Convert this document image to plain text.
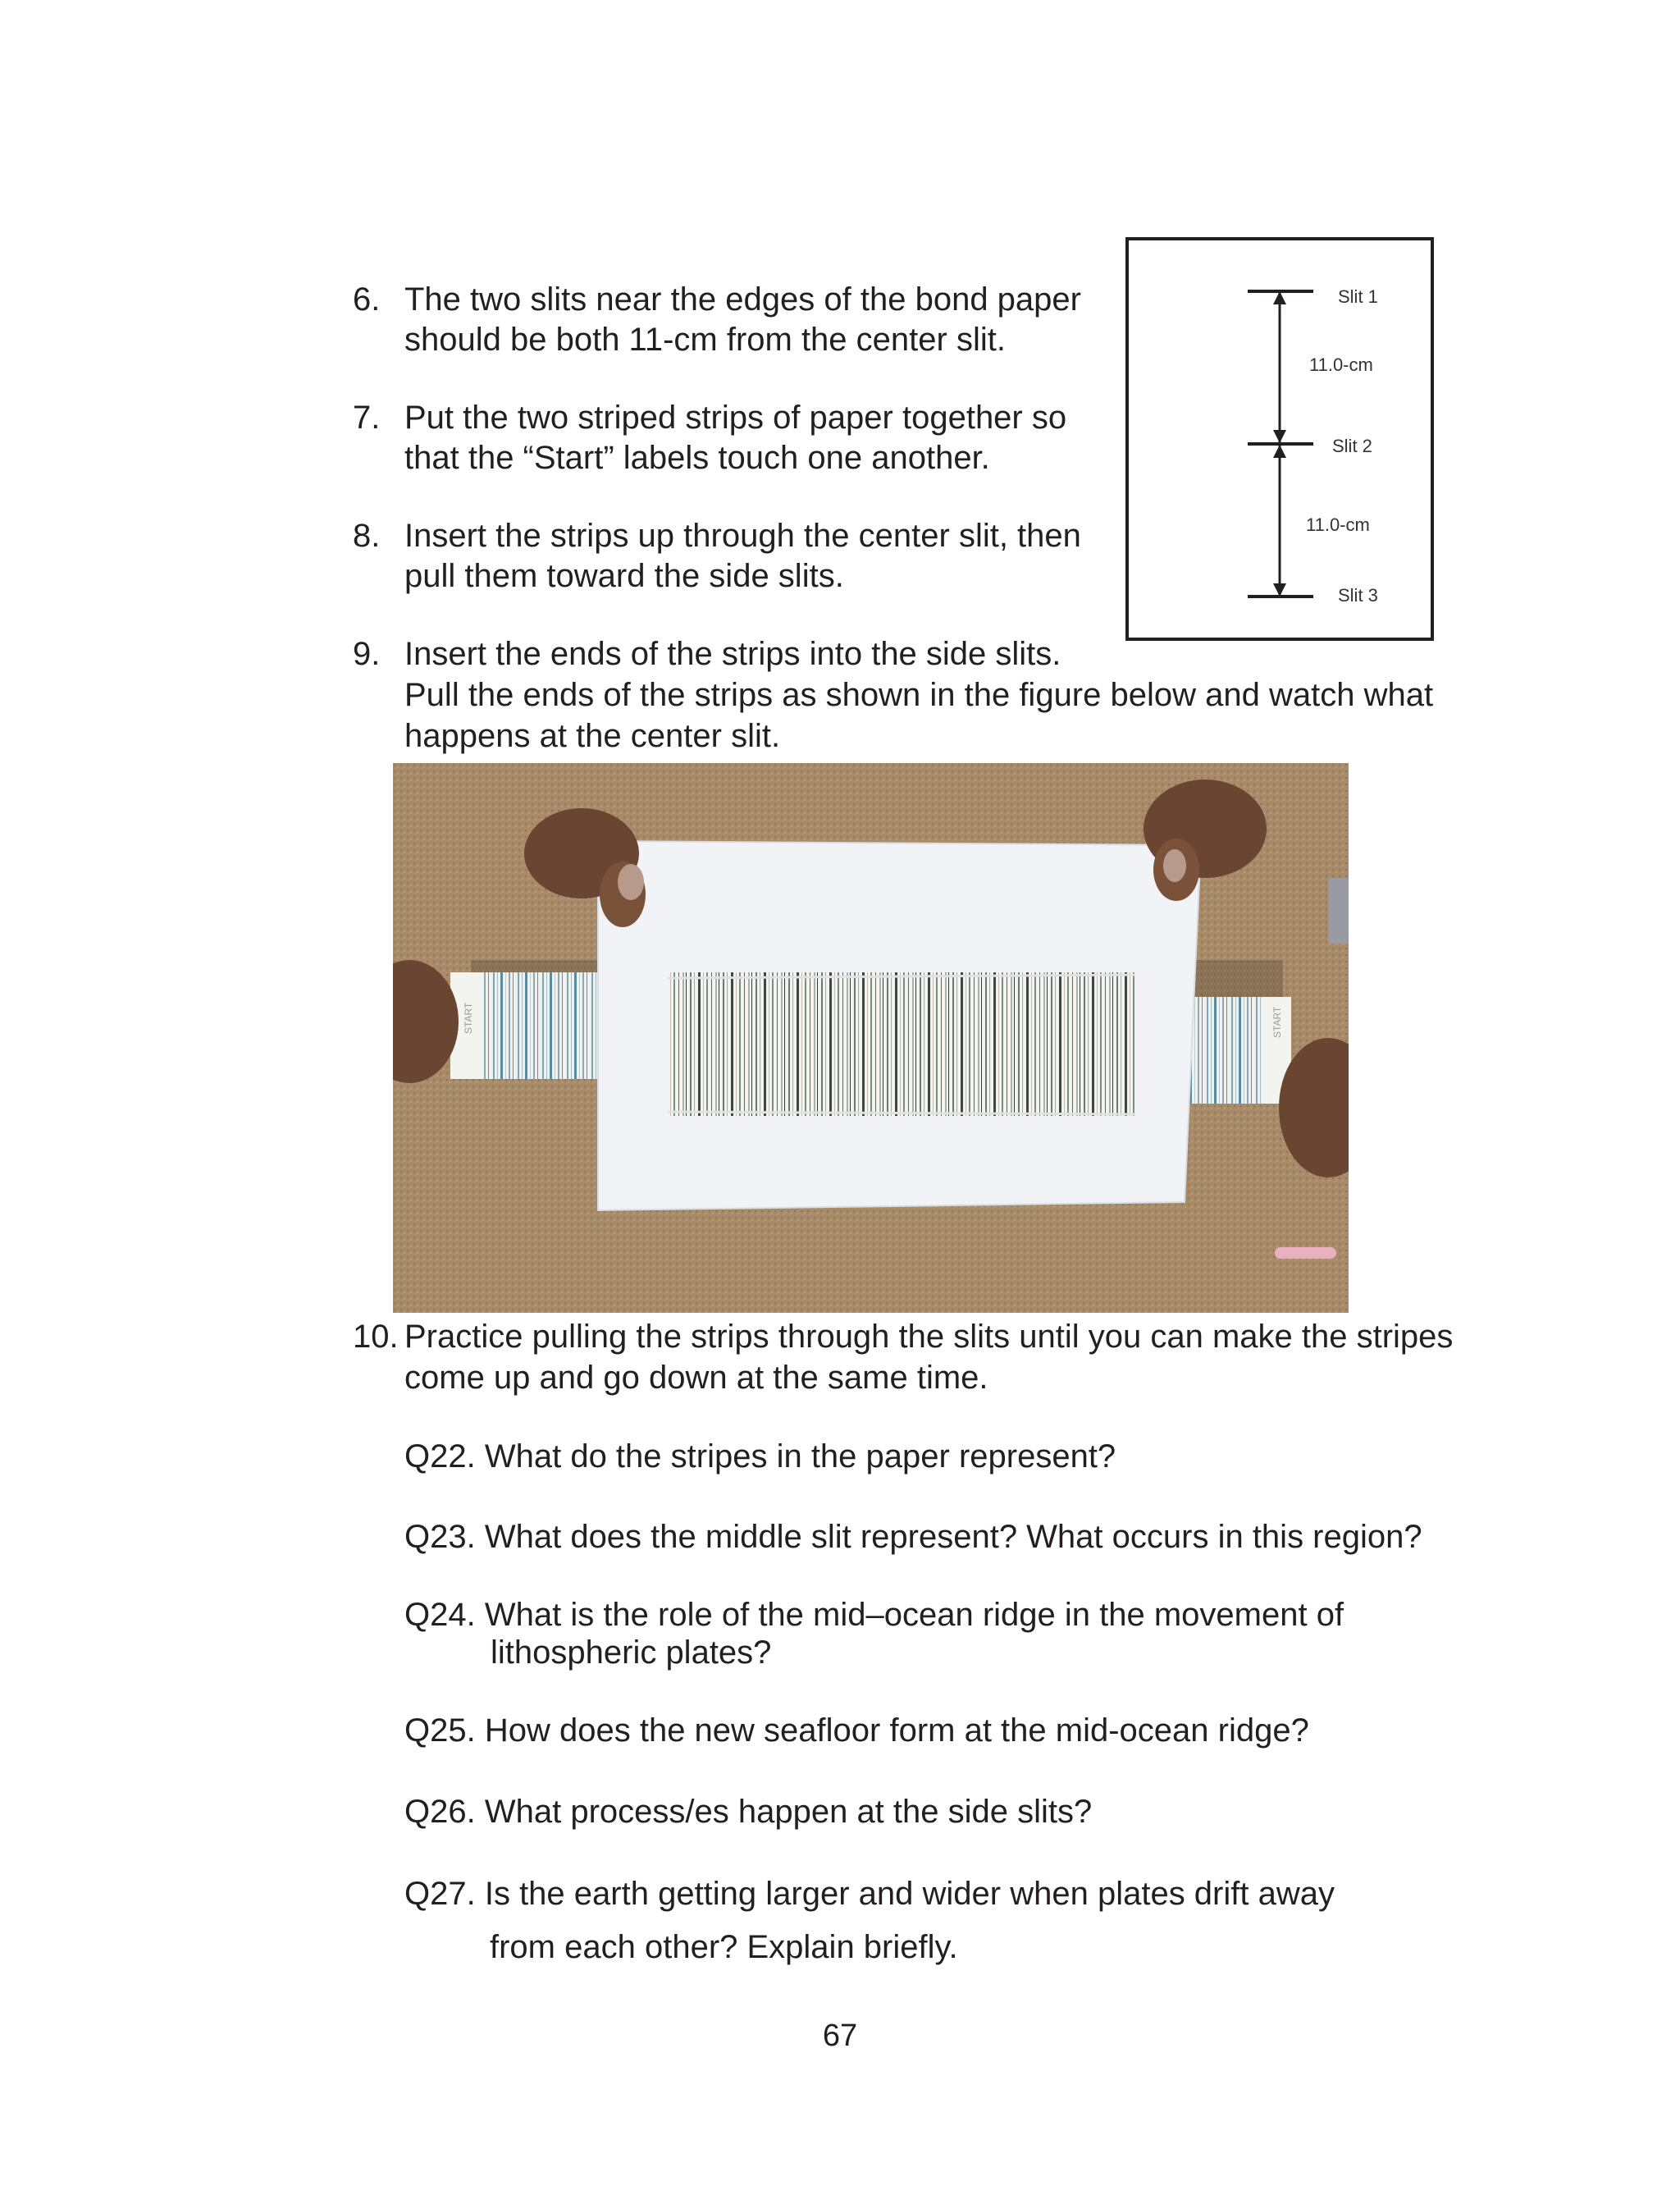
6. The two slits near the edges of the bond paper
should be both 11-cm from the center slit.
7. Put the two striped strips of paper together so
that the “Start” labels touch one another.
8. Insert the strips up through the center slit, then
pull them toward the side slits.
9. Insert the ends of the strips into the side slits.
Pull the ends of the strips as shown in the figure below and watch what
happens at the center slit.
Slit 1
11.0-cm
Slit 2
11.0-cm
Slit 3
START	START
10. Practice pulling the strips through the slits until you can make the stripes
come up and go down at the same time.
Q22. What do the stripes in the paper represent?
Q23. What does the middle slit represent? What occurs in this region?
Q24. What is the role of the mid–ocean ridge in the movement of
lithospheric plates?
Q25. How does the new seafloor form at the mid-ocean ridge?
Q26. What process/es happen at the side slits?
Q27. Is the earth getting larger and wider when plates drift away
from each other? Explain briefly.
67
